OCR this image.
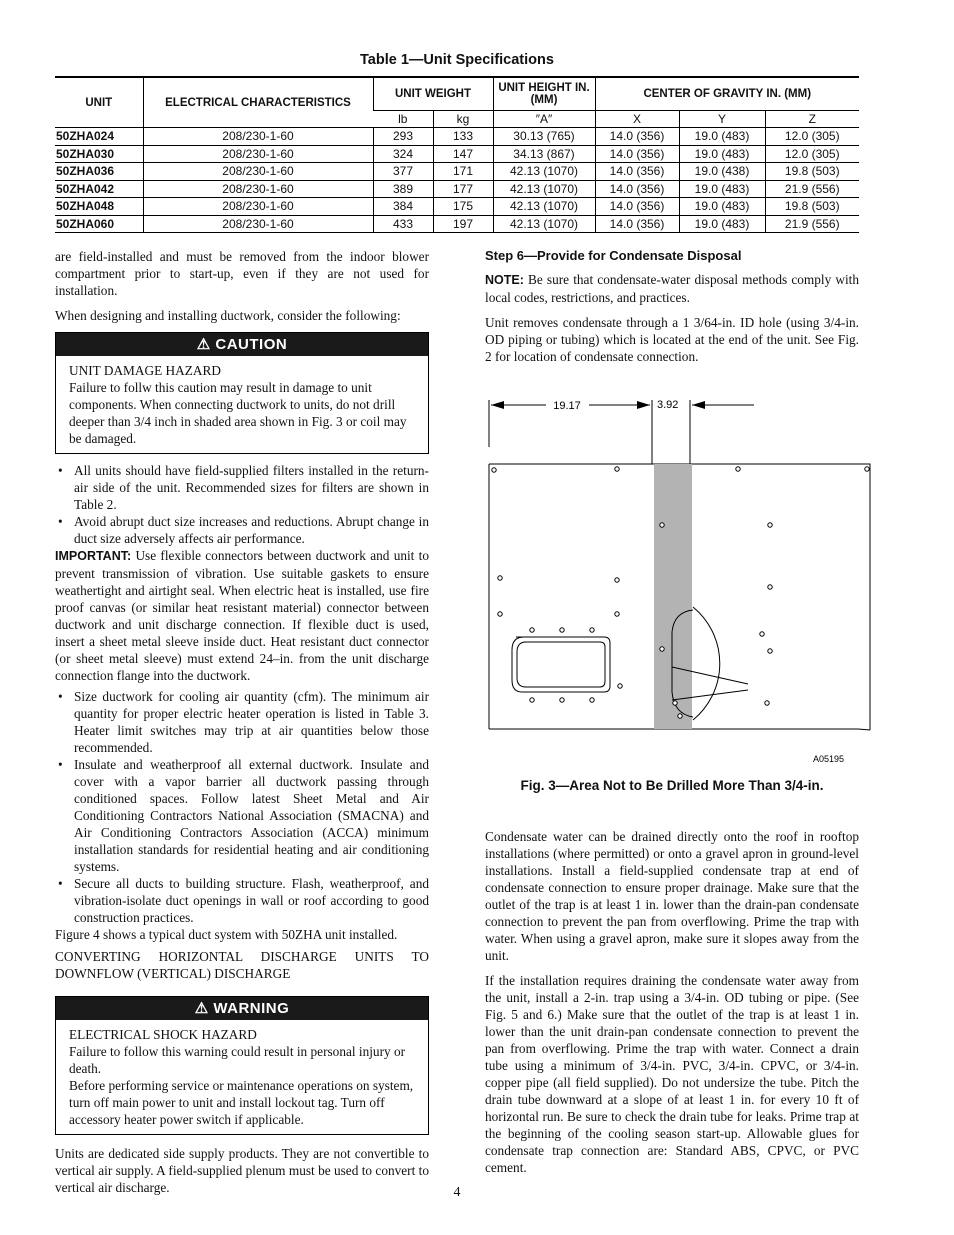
Table 1—Unit Specifications
UNIT	ELECTRICAL CHARACTERISTICS	UNIT WEIGHT		UNIT HEIGHT IN. (MM)	CENTER OF GRAVITY IN. (MM)		
		lb	kg	″A″	X	Y	Z
50ZHA024	208/230-1-60	293	133	30.13 (765)	14.0 (356)	19.0 (483)	12.0 (305)
50ZHA030	208/230-1-60	324	147	34.13 (867)	14.0 (356)	19.0 (483)	12.0 (305)
50ZHA036	208/230-1-60	377	171	42.13 (1070)	14.0 (356)	19.0 (438)	19.8 (503)
50ZHA042	208/230-1-60	389	177	42.13 (1070)	14.0 (356)	19.0 (483)	21.9 (556)
50ZHA048	208/230-1-60	384	175	42.13 (1070)	14.0 (356)	19.0 (483)	19.8 (503)
50ZHA060	208/230-1-60	433	197	42.13 (1070)	14.0 (356)	19.0 (483)	21.9 (556)

are field-installed and must be removed from the indoor blower compartment prior to start-up, even if they are not used for installation.

When designing and installing ductwork, consider the following:

⚠ CAUTION
UNIT DAMAGE HAZARD
Failure to follw this caution may result in damage to unit components. When connecting ductwork to units, do not drill deeper than 3/4 inch in shaded area shown in Fig. 3 or coil may be damaged.
• All units should have field-supplied filters installed in the return-air side of the unit. Recommended sizes for filters are shown in Table 2.
• Avoid abrupt duct size increases and reductions. Abrupt change in duct size adversely affects air performance.

IMPORTANT: Use flexible connectors between ductwork and unit to prevent transmission of vibration. Use suitable gaskets to ensure weathertight and airtight seal. When electric heat is installed, use fire proof canvas (or similar heat resistant material) connector between ductwork and unit discharge connection. If flexible duct is used, insert a sheet metal sleeve inside duct. Heat resistant duct connector (or sheet metal sleeve) must extend 24–in. from the unit discharge connection flange into the ductwork.

• Size ductwork for cooling air quantity (cfm). The minimum air quantity for proper electric heater operation is listed in Table 3. Heater limit switches may trip at air quantities below those recommended.
• Insulate and weatherproof all external ductwork. Insulate and cover with a vapor barrier all ductwork passing through conditioned spaces. Follow latest Sheet Metal and Air Conditioning Contractors National Association (SMACNA) and Air Conditioning Contractors Association (ACCA) minimum installation standards for residential heating and air conditioning systems.
• Secure all ducts to building structure. Flash, weatherproof, and vibration-isolate duct openings in wall or roof according to good construction practices.

Figure 4 shows a typical duct system with 50ZHA unit installed.

CONVERTING HORIZONTAL DISCHARGE UNITS TO DOWNFLOW (VERTICAL) DISCHARGE

⚠ WARNING
ELECTRICAL SHOCK HAZARD
Failure to follow this warning could result in personal injury or death.
Before performing service or maintenance operations on system, turn off main power to unit and install lockout tag. Turn off accessory heater power switch if applicable.

Units are dedicated side supply products. They are not convertible to vertical air supply. A field-supplied plenum must be used to convert to vertical air discharge.

Step 6—Provide for Condensate Disposal

NOTE: Be sure that condensate-water disposal methods comply with local codes, restrictions, and practices.

Unit removes condensate through a 1 3/64-in. ID hole (using 3/4-in. OD piping or tubing) which is located at the end of the unit. See Fig. 2 for location of condensate connection.

19.17	3.92
A05195
Fig. 3—Area Not to Be Drilled More Than 3/4-in.

Condensate water can be drained directly onto the roof in rooftop installations (where permitted) or onto a gravel apron in ground-level installations. Install a field-supplied condensate trap at end of condensate connection to ensure proper drainage. Make sure that the outlet of the trap is at least 1 in. lower than the drain-pan condensate connection to prevent the pan from overflowing. Prime the trap with water. When using a gravel apron, make sure it slopes away from the unit.

If the installation requires draining the condensate water away from the unit, install a 2-in. trap using a 3/4-in. OD tubing or pipe. (See Fig. 5 and 6.) Make sure that the outlet of the trap is at least 1 in. lower than the unit drain-pan condensate connection to prevent the pan from overflowing. Prime the trap with water. Connect a drain tube using a minimum of 3/4-in. PVC, 3/4-in. CPVC, or 3/4-in. copper pipe (all field supplied). Do not undersize the tube. Pitch the drain tube downward at a slope of at least 1 in. for every 10 ft of horizontal run. Be sure to check the drain tube for leaks. Prime trap at the beginning of the cooling season start-up. Allowable glues for condensate trap connection are: Standard ABS, CPVC, or PVC cement.

4
